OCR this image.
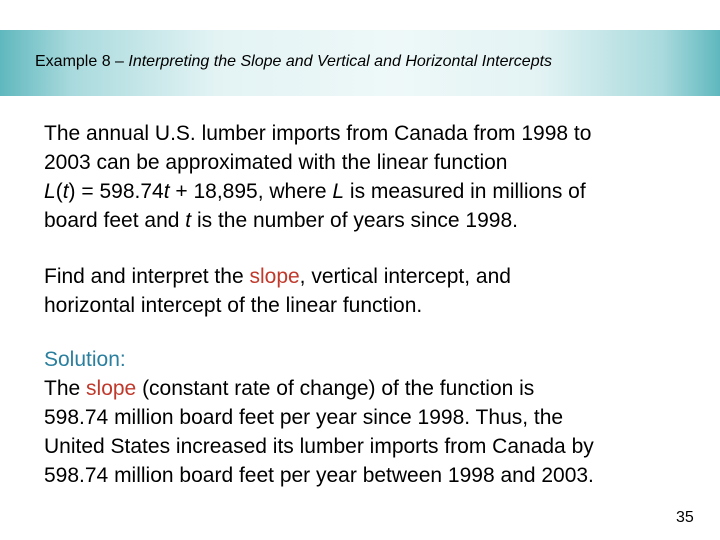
Example 8 – Interpreting the Slope and Vertical and Horizontal Intercepts
The annual U.S. lumber imports from Canada from 1998 to
2003 can be approximated with the linear function
L(t) = 598.74t + 18,895, where L is measured in millions of
board feet and t is the number of years since 1998.
Find and interpret the slope, vertical intercept, and
horizontal intercept of the linear function.
Solution:
The slope (constant rate of change) of the function is
598.74 million board feet per year since 1998. Thus, the
United States increased its lumber imports from Canada by
598.74 million board feet per year between 1998 and 2003.
35
